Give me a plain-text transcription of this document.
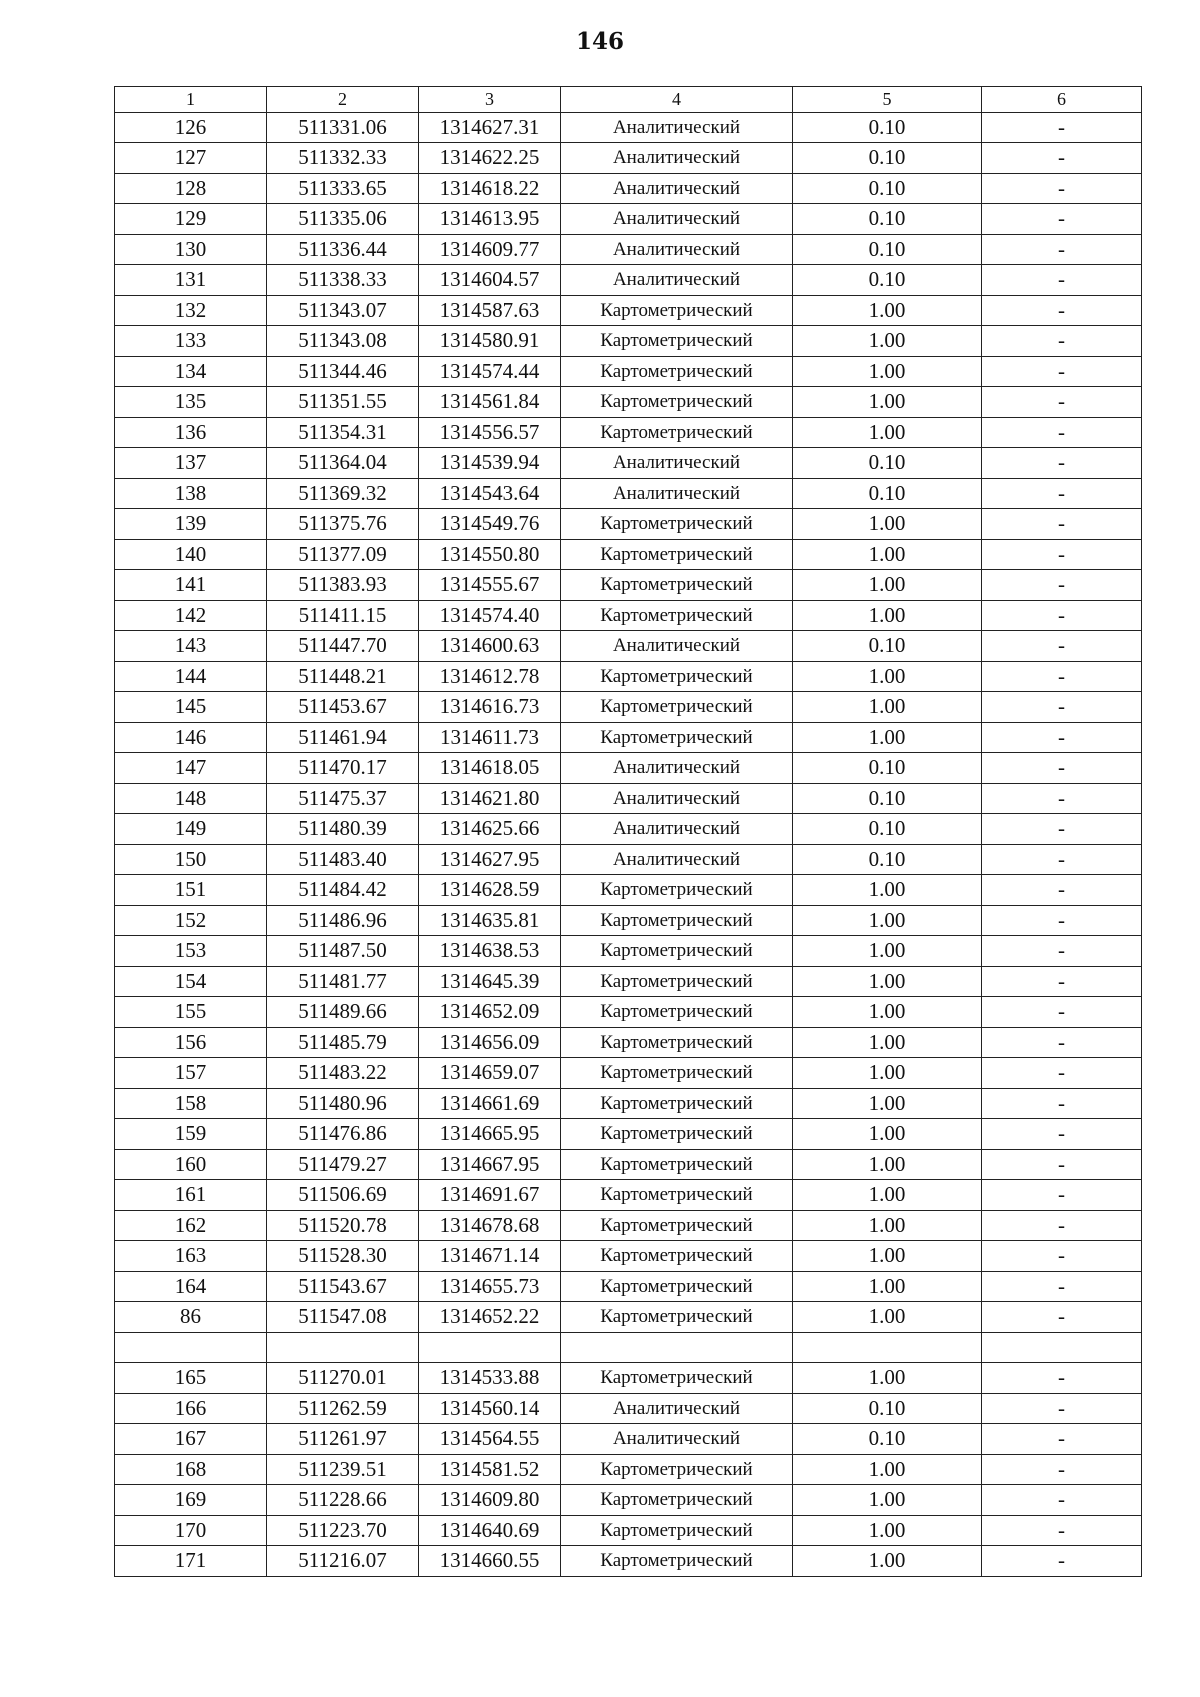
146
1	2	3	4	5	6
126	511331.06	1314627.31	Аналитический	0.10	-
127	511332.33	1314622.25	Аналитический	0.10	-
128	511333.65	1314618.22	Аналитический	0.10	-
129	511335.06	1314613.95	Аналитический	0.10	-
130	511336.44	1314609.77	Аналитический	0.10	-
131	511338.33	1314604.57	Аналитический	0.10	-
132	511343.07	1314587.63	Картометрический	1.00	-
133	511343.08	1314580.91	Картометрический	1.00	-
134	511344.46	1314574.44	Картометрический	1.00	-
135	511351.55	1314561.84	Картометрический	1.00	-
136	511354.31	1314556.57	Картометрический	1.00	-
137	511364.04	1314539.94	Аналитический	0.10	-
138	511369.32	1314543.64	Аналитический	0.10	-
139	511375.76	1314549.76	Картометрический	1.00	-
140	511377.09	1314550.80	Картометрический	1.00	-
141	511383.93	1314555.67	Картометрический	1.00	-
142	511411.15	1314574.40	Картометрический	1.00	-
143	511447.70	1314600.63	Аналитический	0.10	-
144	511448.21	1314612.78	Картометрический	1.00	-
145	511453.67	1314616.73	Картометрический	1.00	-
146	511461.94	1314611.73	Картометрический	1.00	-
147	511470.17	1314618.05	Аналитический	0.10	-
148	511475.37	1314621.80	Аналитический	0.10	-
149	511480.39	1314625.66	Аналитический	0.10	-
150	511483.40	1314627.95	Аналитический	0.10	-
151	511484.42	1314628.59	Картометрический	1.00	-
152	511486.96	1314635.81	Картометрический	1.00	-
153	511487.50	1314638.53	Картометрический	1.00	-
154	511481.77	1314645.39	Картометрический	1.00	-
155	511489.66	1314652.09	Картометрический	1.00	-
156	511485.79	1314656.09	Картометрический	1.00	-
157	511483.22	1314659.07	Картометрический	1.00	-
158	511480.96	1314661.69	Картометрический	1.00	-
159	511476.86	1314665.95	Картометрический	1.00	-
160	511479.27	1314667.95	Картометрический	1.00	-
161	511506.69	1314691.67	Картометрический	1.00	-
162	511520.78	1314678.68	Картометрический	1.00	-
163	511528.30	1314671.14	Картометрический	1.00	-
164	511543.67	1314655.73	Картометрический	1.00	-
86	511547.08	1314652.22	Картометрический	1.00	-

165	511270.01	1314533.88	Картометрический	1.00	-
166	511262.59	1314560.14	Аналитический	0.10	-
167	511261.97	1314564.55	Аналитический	0.10	-
168	511239.51	1314581.52	Картометрический	1.00	-
169	511228.66	1314609.80	Картометрический	1.00	-
170	511223.70	1314640.69	Картометрический	1.00	-
171	511216.07	1314660.55	Картометрический	1.00	-
